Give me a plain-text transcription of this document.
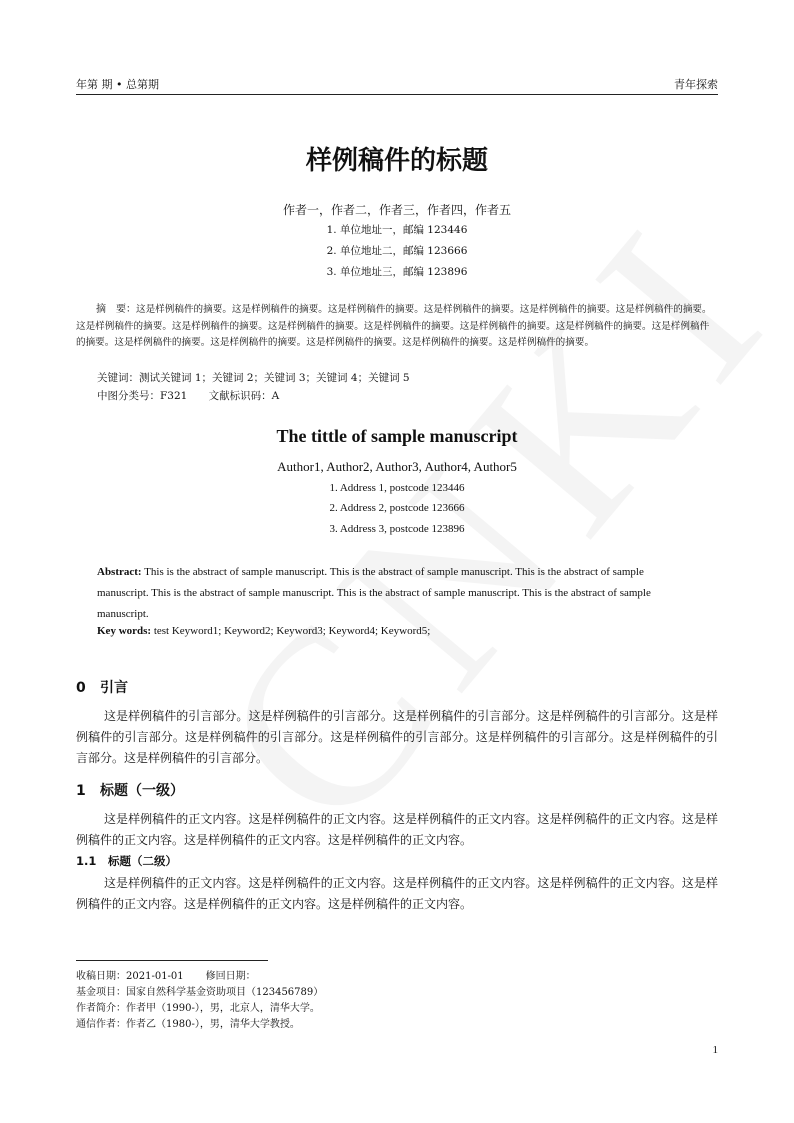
年第 期 • 总第期	青年探索
样例稿件的标题
作者一，作者二，作者三，作者四，作者五
1. 单位地址一，邮编 123446
2. 单位地址二，邮编 123666
3. 单位地址三，邮编 123896
摘　要：这是样例稿件的摘要。这是样例稿件的摘要。这是样例稿件的摘要。这是样例稿件的摘要。这是样例稿件的摘要。这是样例稿件的摘要。这是样例稿件的摘要。这是样例稿件的摘要。这是样例稿件的摘要。这是样例稿件的摘要。这是样例稿件的摘要。这是样例稿件的摘要。这是样例稿件的摘要。这是样例稿件的摘要。这是样例稿件的摘要。这是样例稿件的摘要。这是样例稿件的摘要。这是样例稿件的摘要。
关键词：测试关键词 1；关键词 2；关键词 3；关键词 4；关键词 5
中图分类号：F321 文献标识码：A
The tittle of sample manuscript
Author1, Author2, Author3, Author4, Author5
1. Address 1, postcode 123446
2. Address 2, postcode 123666
3. Address 3, postcode 123896
Abstract: This is the abstract of sample manuscript. This is the abstract of sample manuscript. This is the abstract of sample manuscript. This is the abstract of sample manuscript. This is the abstract of sample manuscript. This is the abstract of sample manuscript.
Key words: test Keyword1; Keyword2; Keyword3; Keyword4; Keyword5;
0 引言
这是样例稿件的引言部分。这是样例稿件的引言部分。这是样例稿件的引言部分。这是样例稿件的引言部分。这是样例稿件的引言部分。这是样例稿件的引言部分。这是样例稿件的引言部分。这是样例稿件的引言部分。这是样例稿件的引言部分。这是样例稿件的引言部分。
1 标题（一级）
这是样例稿件的正文内容。这是样例稿件的正文内容。这是样例稿件的正文内容。这是样例稿件的正文内容。这是样例稿件的正文内容。这是样例稿件的正文内容。这是样例稿件的正文内容。
1.1 标题（二级）
这是样例稿件的正文内容。这是样例稿件的正文内容。这是样例稿件的正文内容。这是样例稿件的正文内容。这是样例稿件的正文内容。这是样例稿件的正文内容。这是样例稿件的正文内容。
收稿日期：2021-01-01 修回日期：
基金项目：国家自然科学基金资助项目（123456789）
作者简介：作者甲（1990-），男，北京人，清华大学。
通信作者：作者乙（1980-），男，清华大学教授。
1
